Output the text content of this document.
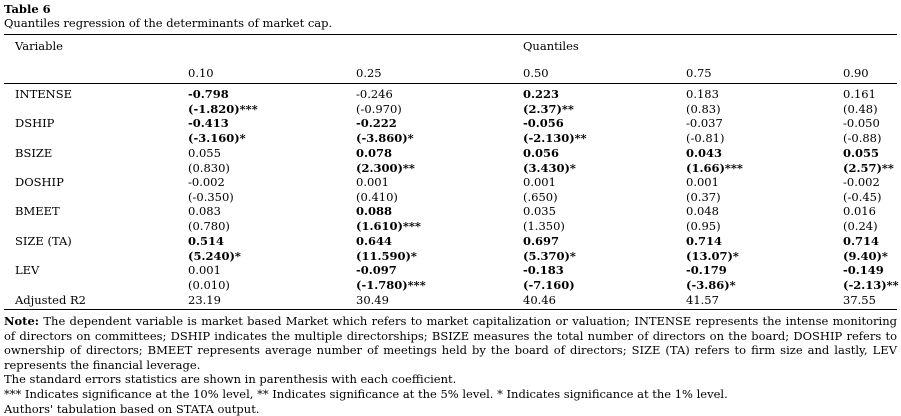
Table 6
Quantiles regression of the determinants of market cap.
Variable	Quantiles
0.10	0.25	0.50	0.75	0.90
INTENSE	-0.798	-0.246	0.223	0.183	0.161
(-1.820)***	(-0.970)	(2.37)**	(0.83)	(0.48)
DSHIP	-0.413	-0.222	-0.056	-0.037	-0.050
(-3.160)*	(-3.860)*	(-2.130)**	(-0.81)	(-0.88)
BSIZE	0.055	0.078	0.056	0.043	0.055
(0.830)	(2.300)**	(3.430)*	(1.66)***	(2.57)**
DOSHIP	-0.002	0.001	0.001	0.001	-0.002
(-0.350)	(0.410)	(.650)	(0.37)	(-0.45)
BMEET	0.083	0.088	0.035	0.048	0.016
(0.780)	(1.610)***	(1.350)	(0.95)	(0.24)
SIZE (TA)	0.514	0.644	0.697	0.714	0.714
(5.240)*	(11.590)*	(5.370)*	(13.07)*	(9.40)*
LEV	0.001	-0.097	-0.183	-0.179	-0.149
(0.010)	(-1.780)***	(-7.160)	(-3.86)*	(-2.13)**
Adjusted R2	23.19	30.49	40.46	41.57	37.55

Note: The dependent variable is market based Market which refers to market capitalization or valuation; INTENSE represents the intense monitoring of directors on committees; DSHIP indicates the multiple directorships; BSIZE measures the total number of directors on the board; DOSHIP refers to ownership of directors; BMEET represents average number of meetings held by the board of directors; SIZE (TA) refers to firm size and lastly, LEV represents the financial leverage.

The standard errors statistics are shown in parenthesis with each coefficient.

*** Indicates significance at the 10% level, ** Indicates significance at the 5% level. * Indicates significance at the 1% level.

Authors' tabulation based on STATA output.
